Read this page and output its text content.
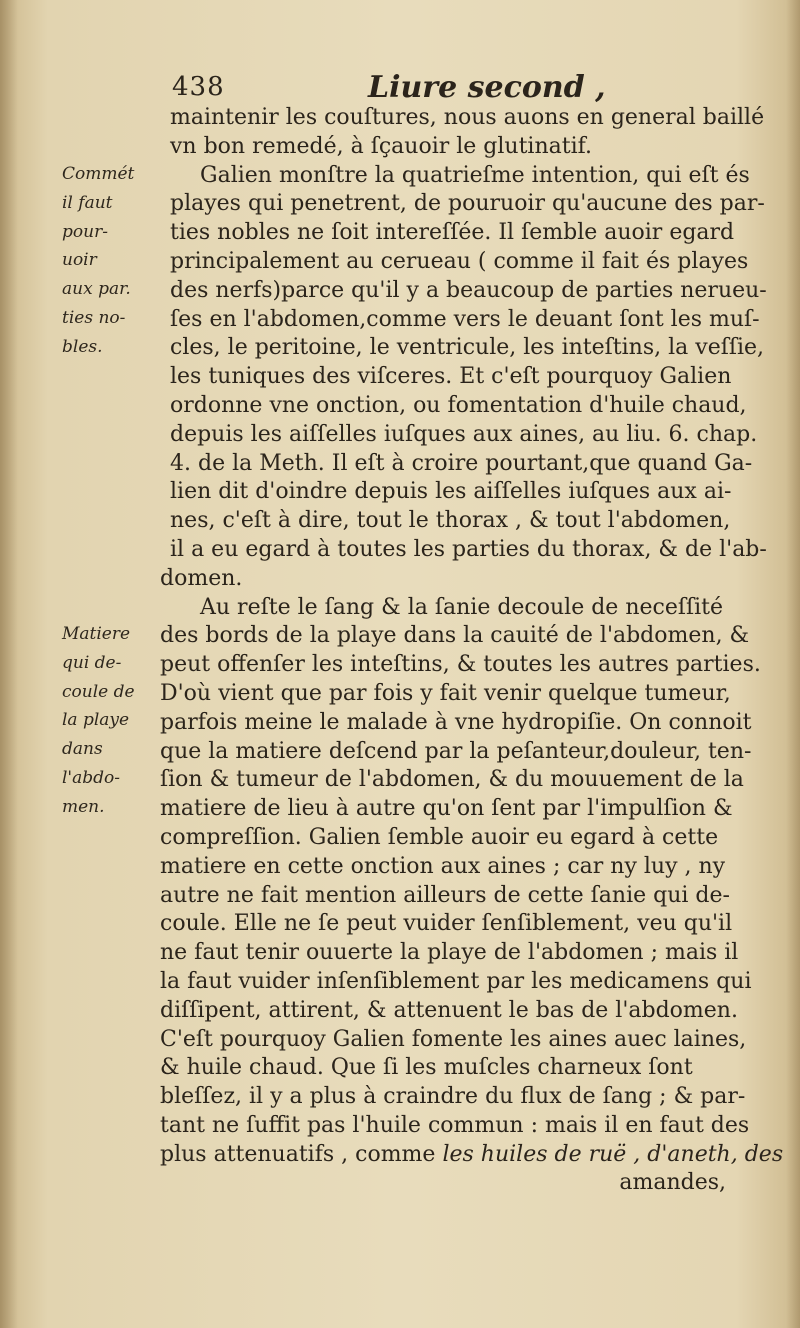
438	Liure second ,
Commét
il faut
pour-
uoir
aux par.
ties no-
bles.
Matiere
qui de-
coule de
la playe
dans
l'abdo-
men.
maintenir les couſtures, nous auons en general baillé
vn bon remedé, à ſçauoir le glutinatif.
Galien monſtre la quatrieſme intention, qui eſt és
playes qui penetrent, de pouruoir qu'aucune des par-
ties nobles ne ſoit intereſſée. Il ſemble auoir egard
principalement au cerueau ( comme il fait és playes
des nerfs)parce qu'il y a beaucoup de parties nerueu-
ſes en l'abdomen,comme vers le deuant ſont les muſ-
cles, le peritoine, le ventricule, les inteſtins, la veſſie,
les tuniques des viſceres. Et c'eſt pourquoy Galien
ordonne vne onction, ou fomentation d'huile chaud,
depuis les aiſſelles iuſques aux aines, au liu. 6. chap.
4. de la Meth. Il eſt à croire pourtant,que quand Ga-
lien dit d'oindre depuis les aiſſelles iuſques aux ai-
nes, c'eſt à dire, tout le thorax , & tout l'abdomen,
il a eu egard à toutes les parties du thorax, & de l'ab-
domen.
Au reſte le ſang & la ſanie decoule de neceſſité
des bords de la playe dans la cauité de l'abdomen, &
peut offenſer les inteſtins, & toutes les autres parties.
D'où vient que par fois y fait venir quelque tumeur,
parfois meine le malade à vne hydropiſie. On connoit
que la matiere deſcend par la peſanteur,douleur, ten-
ſion & tumeur de l'abdomen, & du mouuement de la
matiere de lieu à autre qu'on ſent par l'impulſion &
compreſſion. Galien ſemble auoir eu egard à cette
matiere en cette onction aux aines ; car ny luy , ny
autre ne fait mention ailleurs de cette ſanie qui de-
coule. Elle ne ſe peut vuider ſenſiblement, veu qu'il
ne faut tenir ouuerte la playe de l'abdomen ; mais il
la faut vuider inſenſiblement par les medicamens qui
diſſipent, attirent, & attenuent le bas de l'abdomen.
C'eſt pourquoy Galien fomente les aines auec laines,
& huile chaud. Que ſi les muſcles charneux ſont
bleſſez, il y a plus à craindre du flux de ſang ; & par-
tant ne ſuffit pas l'huile commun : mais il en faut des
plus attenuatifs , comme les huiles de ruë , d'aneth, des
amandes,
